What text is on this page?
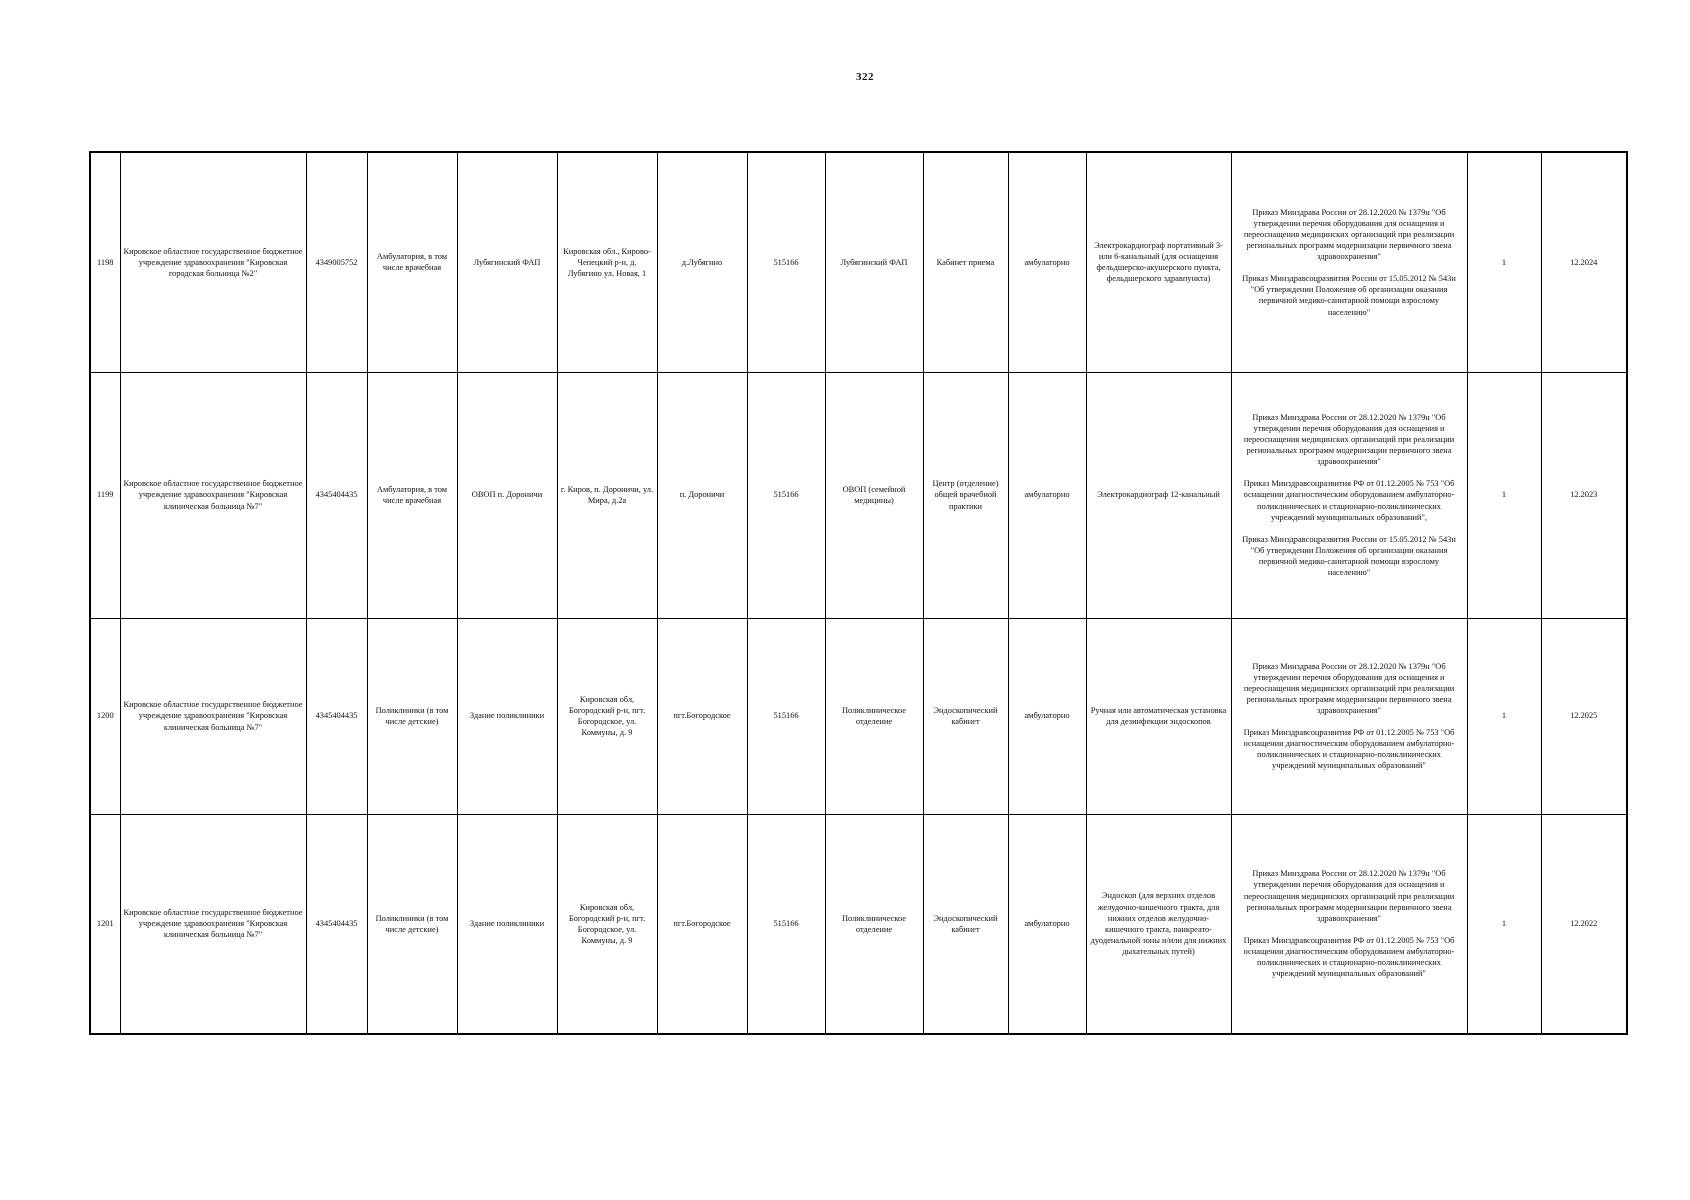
322
1198	Кировское областное государственное бюджетное учреждение здравоохранения "Кировская городская больница №2"	4349005752	Амбулатория, в том числе врачебная	Лубягинский ФАП	Кировская обл., Кирово-Чепецкий р-н, д. Лубягино ул. Новая, 1	д.Лубягино	515166	Лубягинский ФАП	Кабинет приема	амбулаторно	Электрокардиограф портативный 3- или 6-канальный (для оснащения фельдшерско-акушерского пункта, фельдшерского здравпункта)	Приказ Минздрава России от 28.12.2020 № 1379н "Об утверждении перечня оборудования для оснащения и переоснащения медицинских организаций при реализации региональных программ модернизации первичного звена здравоохранения"
Приказ Минздравсоцразвития России от 15.05.2012 № 543н "Об утверждении Положения об организации оказания первичной медико-санитарной помощи взрослому населению"	1	12.2024
1199	Кировское областное государственное бюджетное учреждение здравоохранения "Кировская клиническая больница №7"	4345404435	Амбулатория, в том числе врачебная	ОВОП п. Дороничи	г. Киров, п. Дороничи, ул. Мира, д.2а	п. Дороничи	515166	ОВОП (семейной медицины)	Центр (отделение) общей врачебной практики	амбулаторно	Электрокардиограф 12-канальный	Приказ Минздрава России от 28.12.2020 № 1379н "Об утверждении перечня оборудования для оснащения и переоснащения медицинских организаций при реализации региональных программ модернизации первичного звена здравоохранения"
Приказ Минздравсоцразвития РФ от 01.12.2005 № 753 "Об оснащении диагностическим оборудованием амбулаторно-поликлинических и стационарно-поликлинических учреждений муниципальных образований",
Приказ Минздравсоцразвития России от 15.05.2012 № 543н "Об утверждении Положения об организации оказания первичной медико-санитарной помощи взрослому населению"	1	12.2023
1200	Кировское областное государственное бюджетное учреждение здравоохранения "Кировская клиническая больница №7"	4345404435	Поликлиники (в том числе детские)	Здание поликлиники	Кировская обл, Богородский р-н, пгт. Богородское, ул. Коммуны, д. 9	пгт.Богородское	515166	Поликлиническое отделение	Эндоскопический кабинет	амбулаторно	Ручная или автоматическая установка для дезинфекции эндоскопов	Приказ Минздрава России от 28.12.2020 № 1379н "Об утверждении перечня оборудования для оснащения и переоснащения медицинских организаций при реализации региональных программ модернизации первичного звена здравоохранения"
Приказ Минздравсоцразвития РФ от 01.12.2005 № 753 "Об оснащении диагностическим оборудованием амбулаторно-поликлинических и стационарно-поликлинических учреждений муниципальных образований"	1	12.2025
1201	Кировское областное государственное бюджетное учреждение здравоохранения "Кировская клиническая больница №7"	4345404435	Поликлиники (в том числе детские)	Здание поликлиники	Кировская обл, Богородский р-н, пгт. Богородское, ул. Коммуны, д. 9	пгт.Богородское	515166	Поликлиническое отделение	Эндоскопический кабинет	амбулаторно	Эндоскоп (для верхних отделов желудочно-кишечного тракта, для нижних отделов желудочно-кишечного тракта, панкреато-дуоденальной зоны и/или для нижних дыхательных путей)	Приказ Минздрава России от 28.12.2020 № 1379н "Об утверждении перечня оборудования для оснащения и переоснащения медицинских организаций при реализации региональных программ модернизации первичного звена здравоохранения"
Приказ Минздравсоцразвития РФ от 01.12.2005 № 753 "Об оснащении диагностическим оборудованием амбулаторно-поликлинических и стационарно-поликлинических учреждений муниципальных образований"	1	12.2022
